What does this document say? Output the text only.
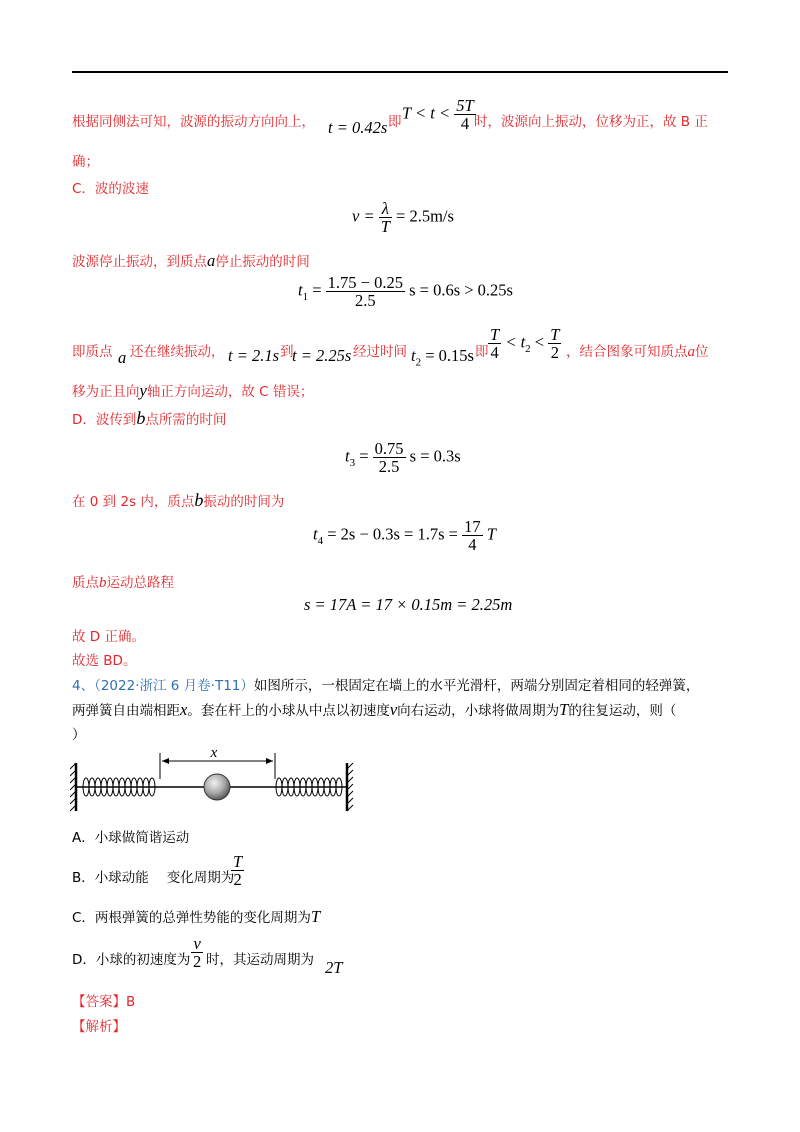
根据同侧法可知，波源的振动方向向上， t = 0.42s 即 $T < t < \frac{5T}{4}$
时，波源向上振动，位移为正，故 B 正
确；
C．波的波速
$v = \frac{\lambda}{T} = 2.5m/s$
波源停止振动，到质点a停止振动的时间
$t_1 = \frac{1.75 - 0.25}{2.5}$ s = 0.6s > 0.25s
即质点 a 还在继续振动， t = 2.1s 到
t = 2.25s 经过时间 $t_2 = 0.15s$ 即 $\frac{T}{4} < t_2 < \frac{T}{2}$ ，结合图象可知质点a位
移为正且向y轴正方向运动，故 C 错误；
D．波传到b点所需的时间
$t_3 = \frac{0.75}{2.5}$ s = 0.3s
在 0 到 2s 内，质点b振动的时间为
$t_4 = 2s - 0.3s = 1.7s = \frac{17}{4}$ T
质点b运动总路程
s = 17A = 17 × 0.15m = 2.25m
故 D 正确。
故选 BD。
4、（2022·浙江 6 月卷·T11）如图所示，一根固定在墙上的水平光滑杆，两端分别固定着相同的轻弹簧，
两弹簧自由端相距x。套在杆上的小球从中点以初速度v向右运动，小球将做周期为T的往复运动，则（
）
x
A．小球做简谐运动
B．小球动能 变化周期为
$\frac{T}{2}$
C．两根弹簧的总弹性势能的变化周期为T
D．小球的初速度为 $\frac{v}{2}$ 时，其运动周期为 2T
【答案】B
【解析】
